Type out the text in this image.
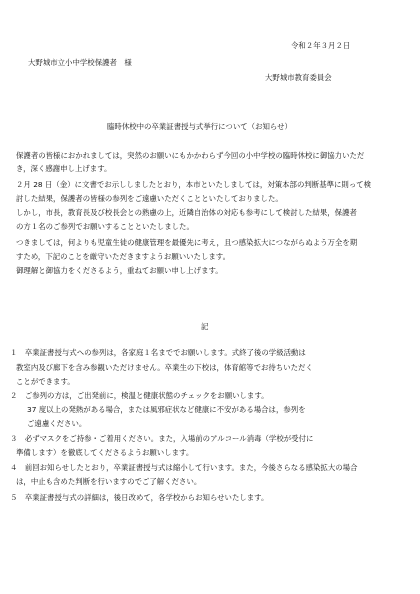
令和２年３月２日
大野城市立小中学校保護者　様
大野城市教育委員会
臨時休校中の卒業証書授与式挙行について（お知らせ）
保護者の皆様におかれましては，突然のお願いにもかかわらず今回の小中学校の臨時休校に御協力いただ
き，深く感謝申し上げます。
２月 28 日（金）に文書でお示ししましたとおり，本市といたしましては，対策本部の判断基準に則って検
討した結果，保護者の皆様の参列をご遠慮いただくことといたしておりました。
しかし，市長，教育長及び校長会との熟慮の上，近隣自治体の対応も参考にして検討した結果，保護者
の方１名のご参列でお願いすることといたしました。
つきましては，何よりも児童生徒の健康管理を最優先に考え，且つ感染拡大につながらぬよう万全を期
すため，下記のことを厳守いただきますようお願いいたします。
御理解と御協力をくださるよう，重ねてお願い申し上げます。
記
１　卒業証書授与式への参列は，各家庭１名まででお願いします。式終了後の学級活動は
教室内及び廊下を含み参観いただけません。卒業生の下校は，体育館等でお待ちいただく
ことができます。
２　ご参列の方は，ご出発前に，検温と健康状態のチェックをお願いします。
37 度以上の発熱がある場合，または風邪症状など健康に不安がある場合は，参列を
ご遠慮ください。
３　必ずマスクをご持参・ご着用ください。また，入場前のアルコール消毒（学校が受付に
準備します）を徹底してくださるようお願いします。
４　前回お知らせしたとおり，卒業証書授与式は縮小して行います。また，今後さらなる感染拡大の場合
は，中止も含めた判断を行いますのでご了解ください。
５　卒業証書授与式の詳細は，後日改めて，各学校からお知らせいたします。
